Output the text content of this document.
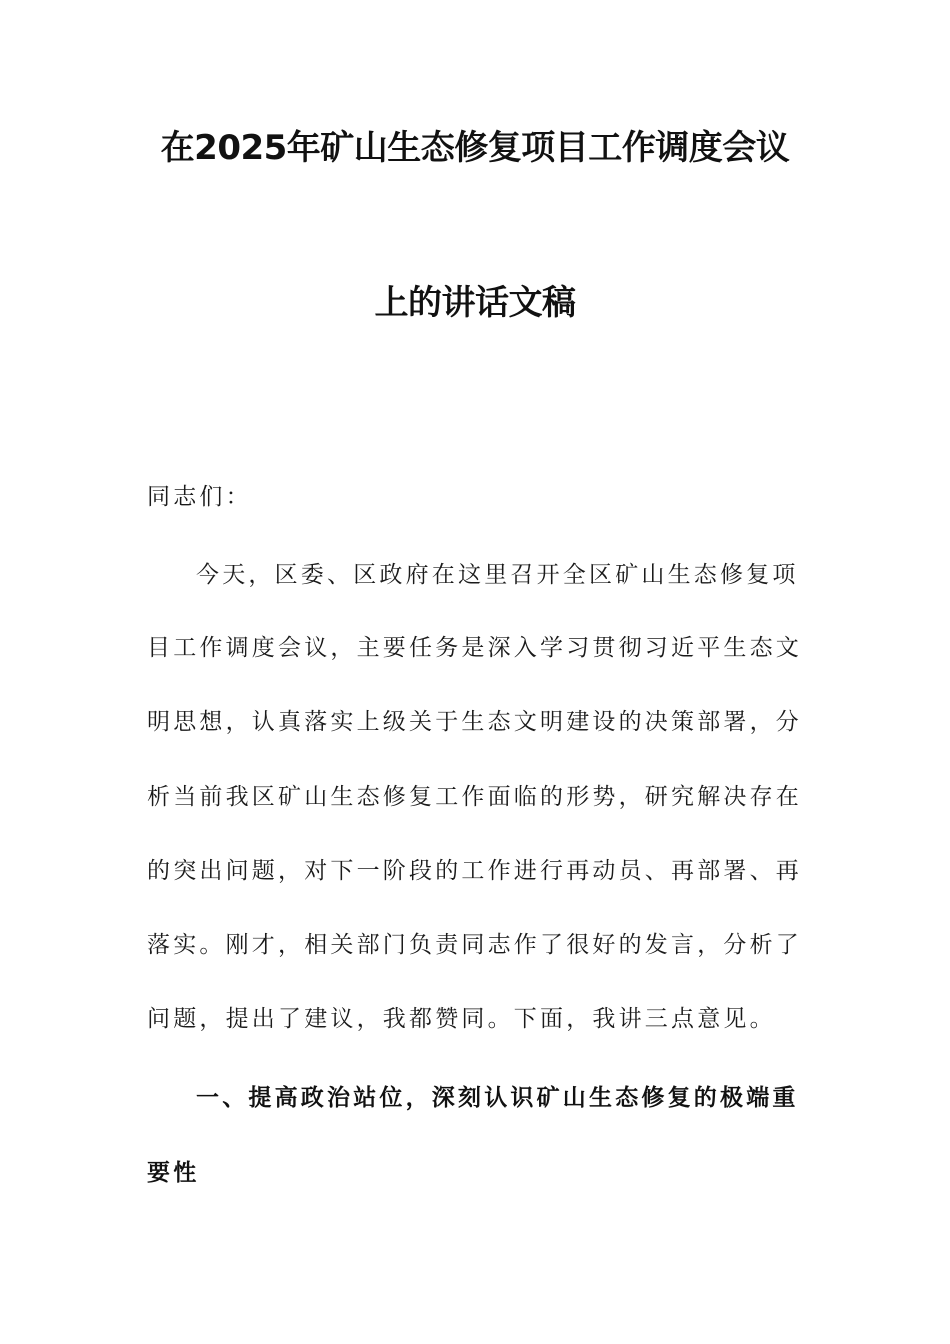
在2025年矿山生态修复项目工作调度会议
上的讲话文稿
同志们：
今天，区委、区政府在这里召开全区矿山生态修复项
目工作调度会议，主要任务是深入学习贯彻习近平生态文
明思想，认真落实上级关于生态文明建设的决策部署，分
析当前我区矿山生态修复工作面临的形势，研究解决存在
的突出问题，对下一阶段的工作进行再动员、再部署、再
落实。刚才，相关部门负责同志作了很好的发言，分析了
问题，提出了建议，我都赞同。下面，我讲三点意见。
一、提高政治站位，深刻认识矿山生态修复的极端重
要性
